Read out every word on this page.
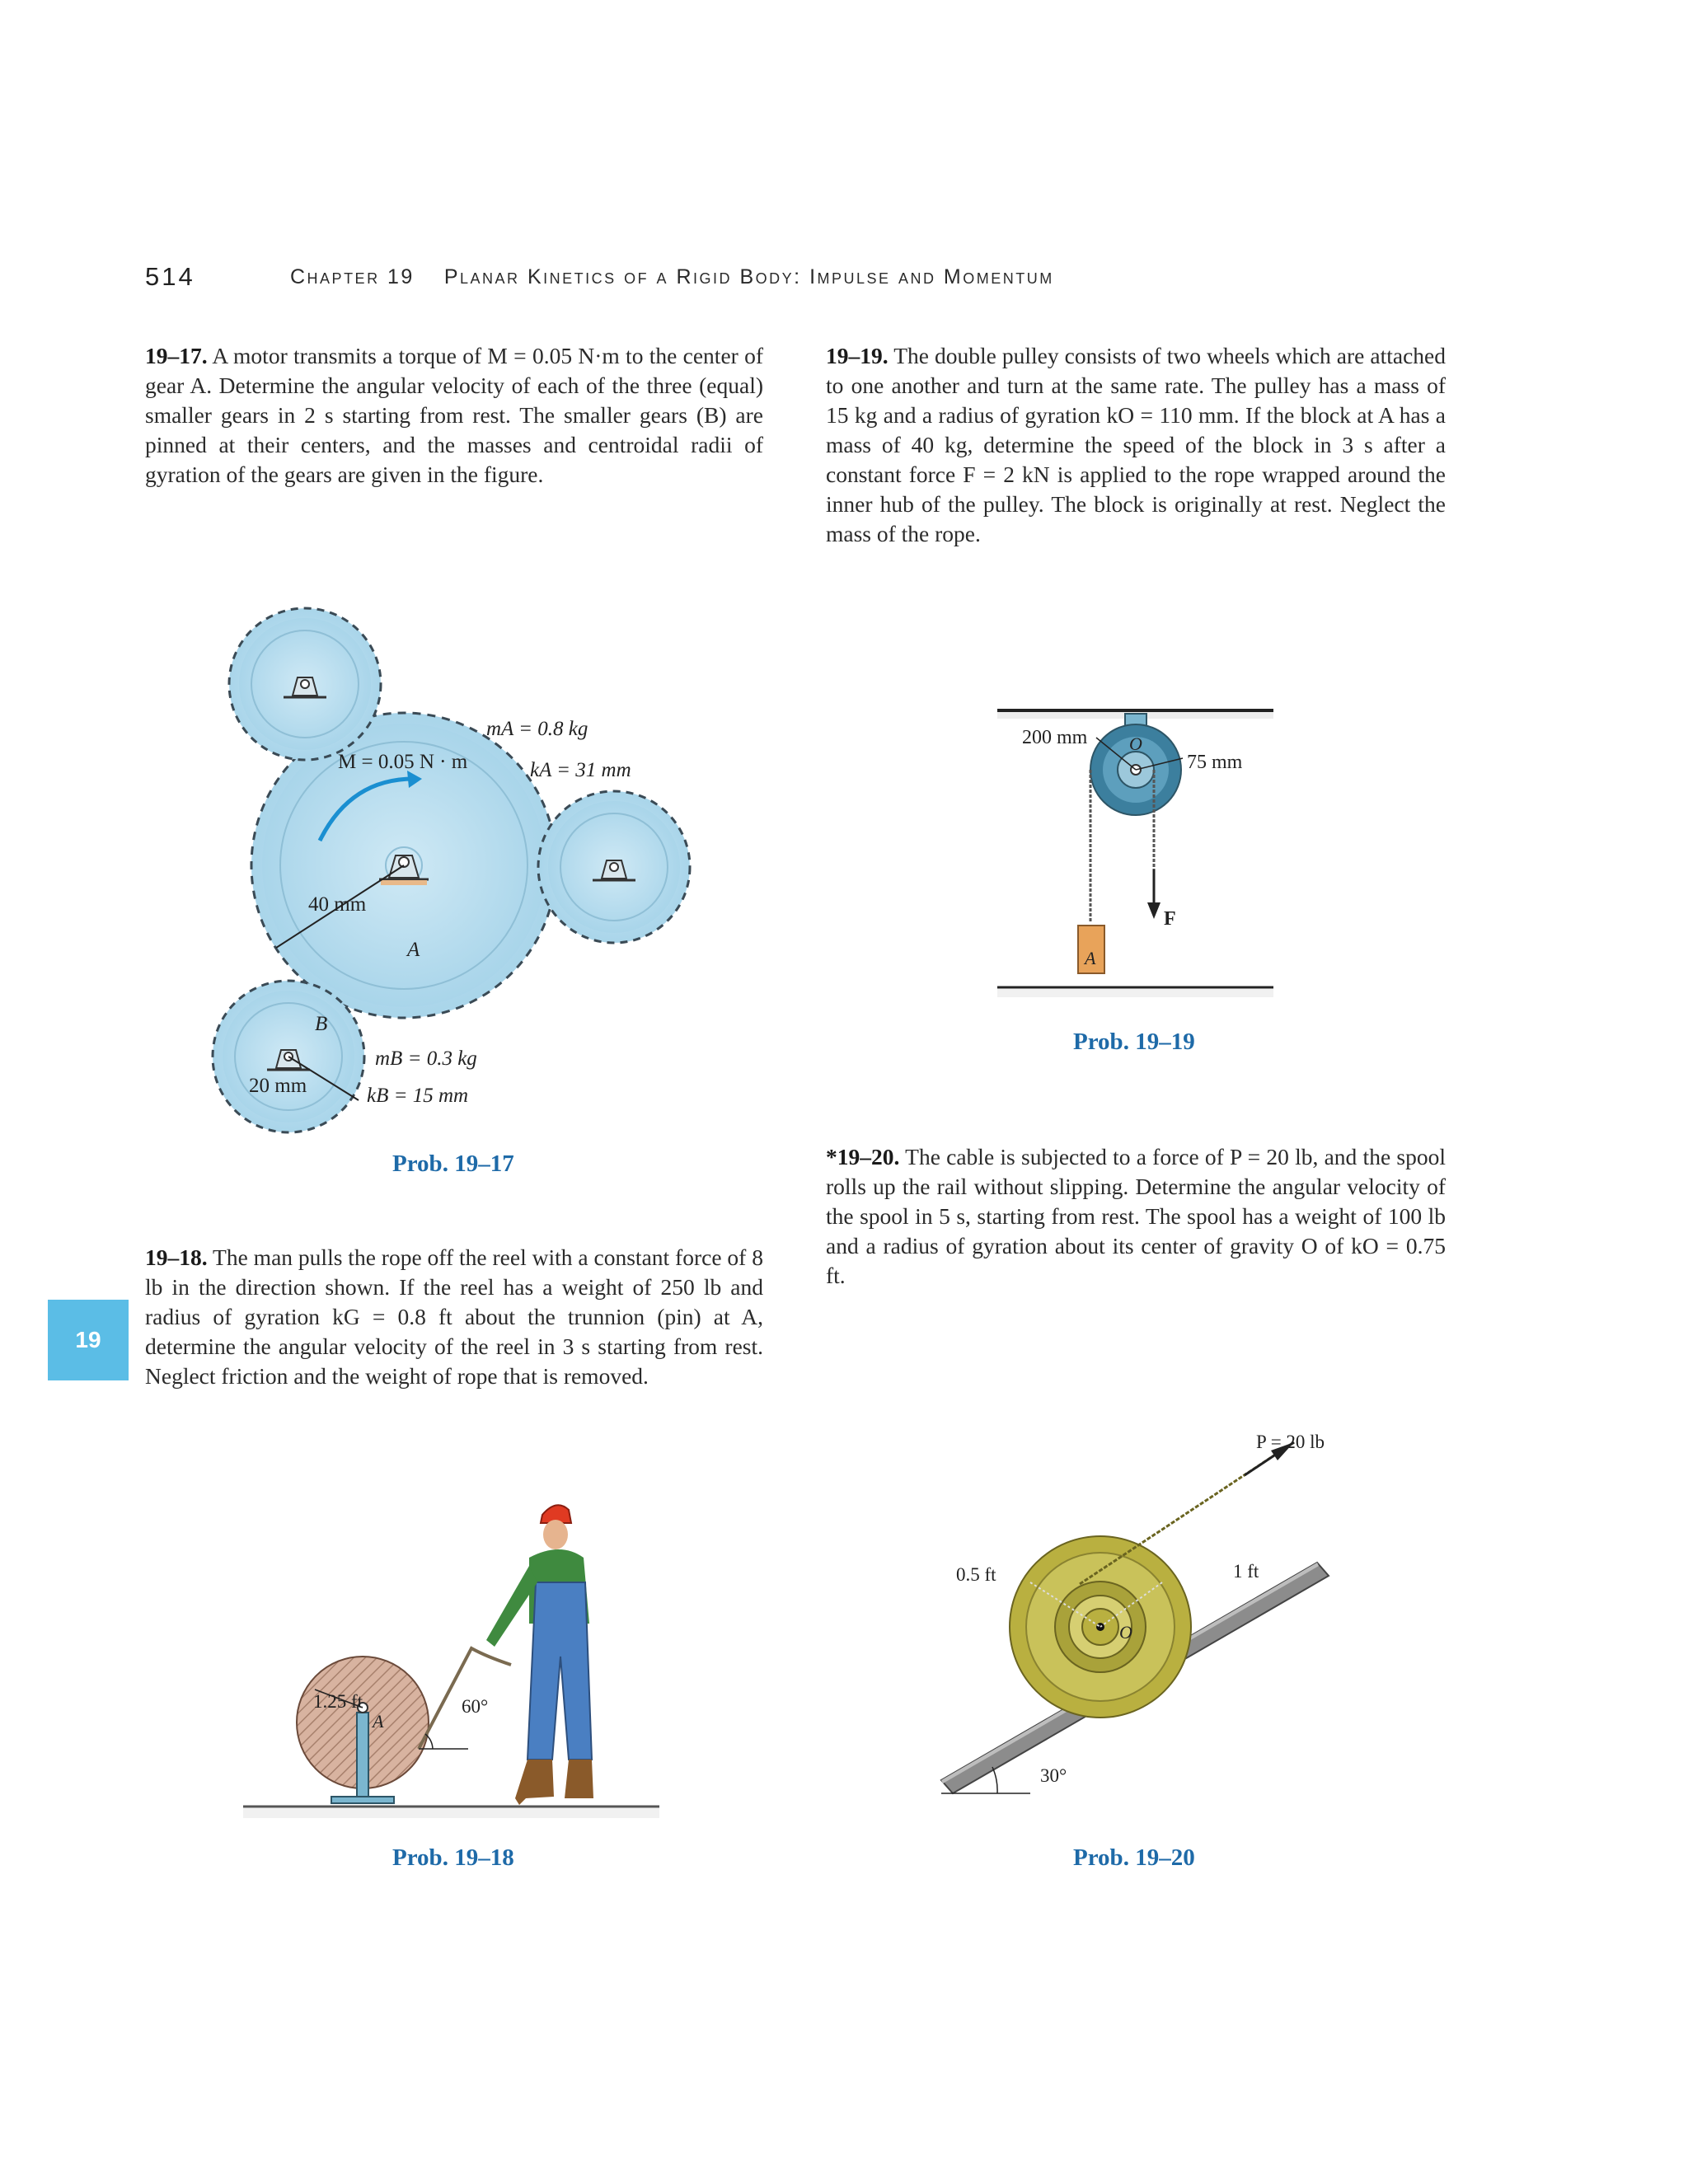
514	Chapter 19 Planar Kinetics of a Rigid Body: Impulse and Momentum
19
19–17. A motor transmits a torque of M = 0.05 N·m to the center of gear A. Determine the angular velocity of each of the three (equal) smaller gears in 2 s starting from rest. The smaller gears (B) are pinned at their centers, and the masses and centroidal radii of gyration of the gears are given in the figure.
19–19. The double pulley consists of two wheels which are attached to one another and turn at the same rate. The pulley has a mass of 15 kg and a radius of gyration kO = 110 mm. If the block at A has a mass of 40 kg, determine the speed of the block in 3 s after a constant force F = 2 kN is applied to the rope wrapped around the inner hub of the pulley. The block is originally at rest. Neglect the mass of the rope.
19–18. The man pulls the rope off the reel with a constant force of 8 lb in the direction shown. If the reel has a weight of 250 lb and radius of gyration kG = 0.8 ft about the trunnion (pin) at A, determine the angular velocity of the reel in 3 s starting from rest. Neglect friction and the weight of rope that is removed.
*19–20. The cable is subjected to a force of P = 20 lb, and the spool rolls up the rail without slipping. Determine the angular velocity of the spool in 5 s, starting from rest. The spool has a weight of 100 lb and a radius of gyration about its center of gravity O of kO = 0.75 ft.
mA = 0.8 kg
kA = 31 mm
M = 0.05 N · m
40 mm
A
B
mB = 0.3 kg
kB = 15 mm
20 mm
Prob. 19–17
200 mm
75 mm
O
F
A
Prob. 19–19
1.25 ft
A
60°
Prob. 19–18
P = 20 lb
0.5 ft	1 ft
O
30°
Prob. 19–20
